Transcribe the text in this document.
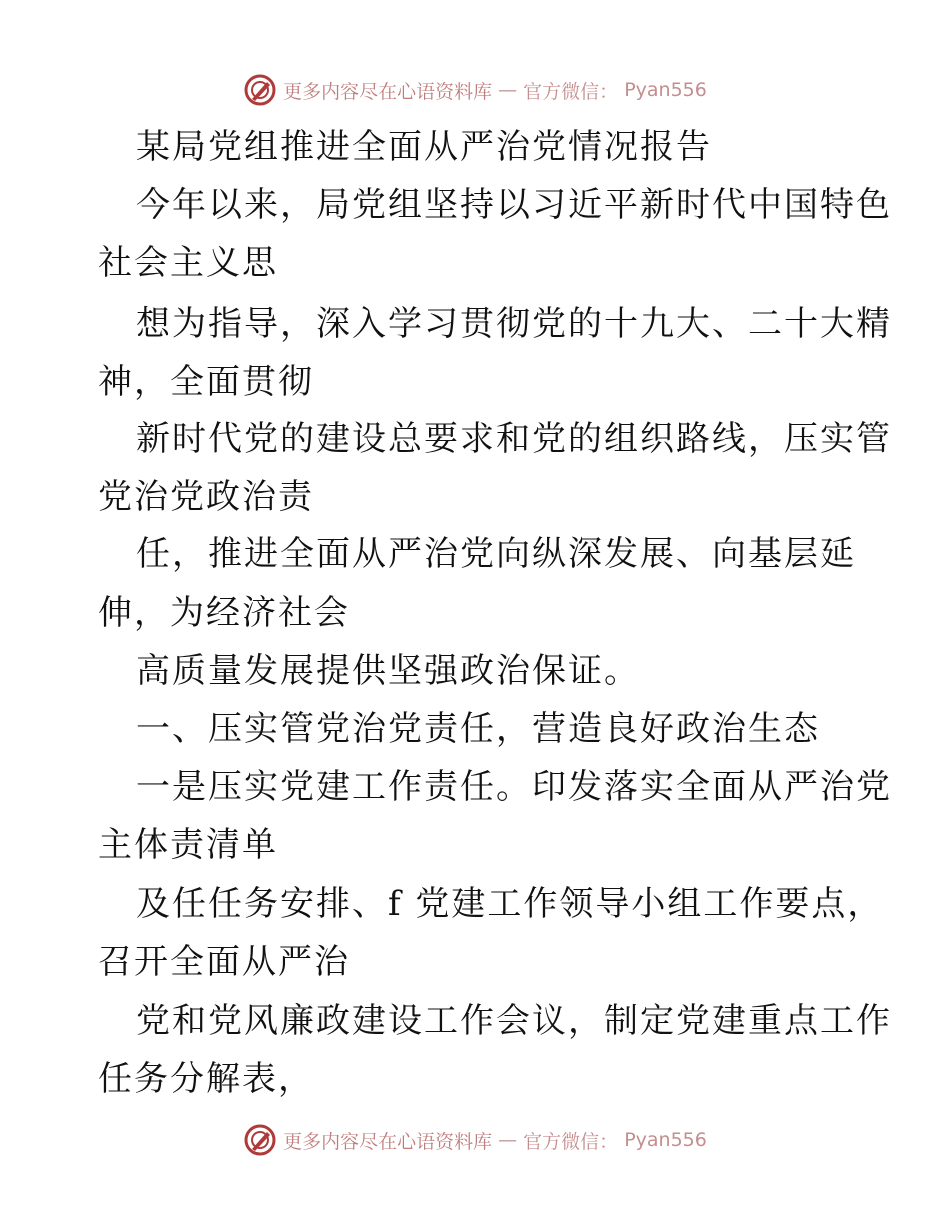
更多内容尽在心语资料库 — 官方微信： Pyan556
某局党组推进全面从严治党情况报告
今年以来，局党组坚持以习近平新时代中国特色
社会主义思
想为指导，深入学习贯彻党的十九大、二十大精
神，全面贯彻
新时代党的建设总要求和党的组织路线，压实管
党治党政治责
任，推进全面从严治党向纵深发展、向基层延
伸，为经济社会
高质量发展提供坚强政治保证。
一、压实管党治党责任，营造良好政治生态
一是压实党建工作责任。印发落实全面从严治党
主体责清单
及任任务安排、f 党建工作领导小组工作要点，
召开全面从严治
党和党风廉政建设工作会议，制定党建重点工作
任务分解表，
更多内容尽在心语资料库 — 官方微信： Pyan556
